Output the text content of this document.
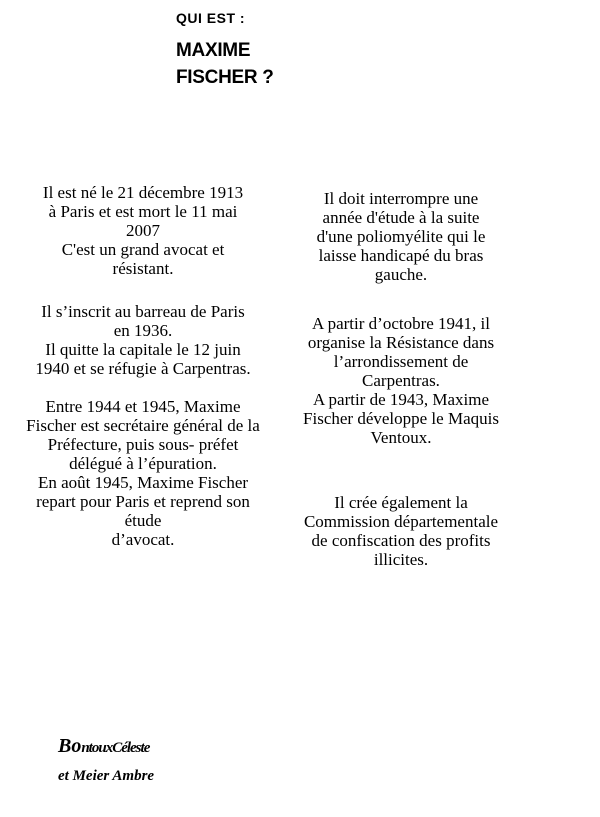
QUI EST :
MAXIME
FISCHER ?
Il est né le 21 décembre 1913
à Paris et est mort le 11 mai
2007
C'est un grand avocat et
résistant.
Il s’inscrit au barreau de Paris
en 1936.
Il quitte la capitale le 12 juin
1940 et se réfugie à Carpentras.
Entre 1944 et 1945, Maxime
Fischer est secrétaire général de la
Préfecture, puis sous- préfet
délégué à l’épuration.
En août 1945, Maxime Fischer
repart pour Paris et reprend son
étude
d’avocat.
Il doit interrompre une
année d'étude à la suite
d'une poliomyélite qui le
laisse handicapé du bras
gauche.
A partir d’octobre 1941, il
organise la Résistance dans
l’arrondissement de
Carpentras.
A partir de 1943, Maxime
Fischer développe le Maquis
Ventoux.
Il crée également la
Commission départementale
de confiscation des profits
illicites.
BontouxCéleste
et Meier Ambre
